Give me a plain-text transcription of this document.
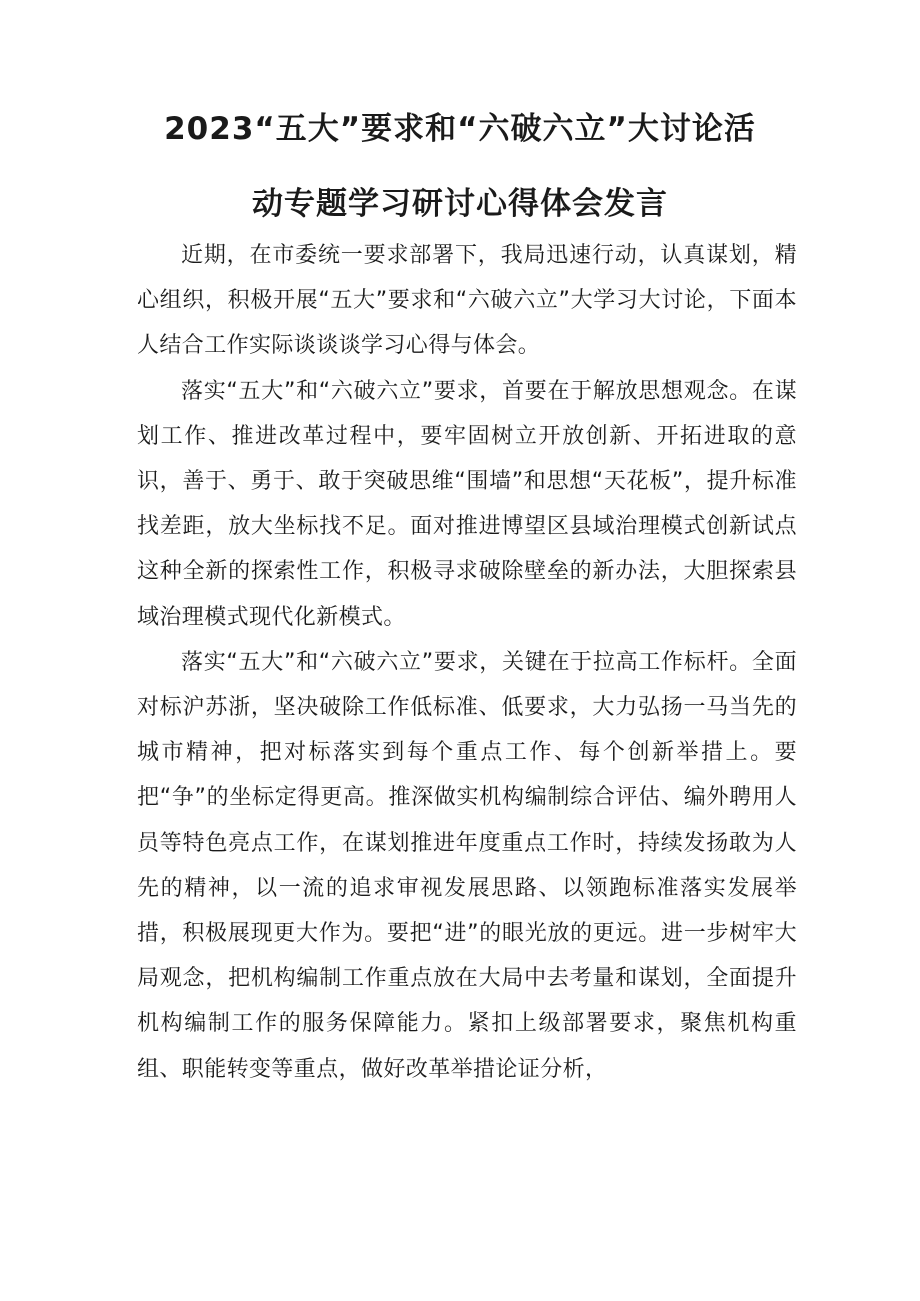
2023“五大”要求和“六破六立”大讨论活
动专题学习研讨心得体会发言

近期，在市委统一要求部署下，我局迅速行动，认真谋划，精心组织，积极开展“五大”要求和“六破六立”大学习大讨论，下面本人结合工作实际谈谈谈学习心得与体会。

落实“五大”和“六破六立”要求，首要在于解放思想观念。在谋划工作、推进改革过程中，要牢固树立开放创新、开拓进取的意识，善于、勇于、敢于突破思维“围墙”和思想“天花板”，提升标准找差距，放大坐标找不足。面对推进博望区县域治理模式创新试点这种全新的探索性工作，积极寻求破除壁垒的新办法，大胆探索县域治理模式现代化新模式。

落实“五大”和“六破六立”要求，关键在于拉高工作标杆。全面对标沪苏浙，坚决破除工作低标准、低要求，大力弘扬一马当先的城市精神，把对标落实到每个重点工作、每个创新举措上。要把“争”的坐标定得更高。推深做实机构编制综合评估、编外聘用人员等特色亮点工作，在谋划推进年度重点工作时，持续发扬敢为人先的精神，以一流的追求审视发展思路、以领跑标准落实发展举措，积极展现更大作为。要把“进”的眼光放的更远。进一步树牢大局观念，把机构编制工作重点放在大局中去考量和谋划，全面提升机构编制工作的服务保障能力。紧扣上级部署要求，聚焦机构重组、职能转变等重点，做好改革举措论证分析，
